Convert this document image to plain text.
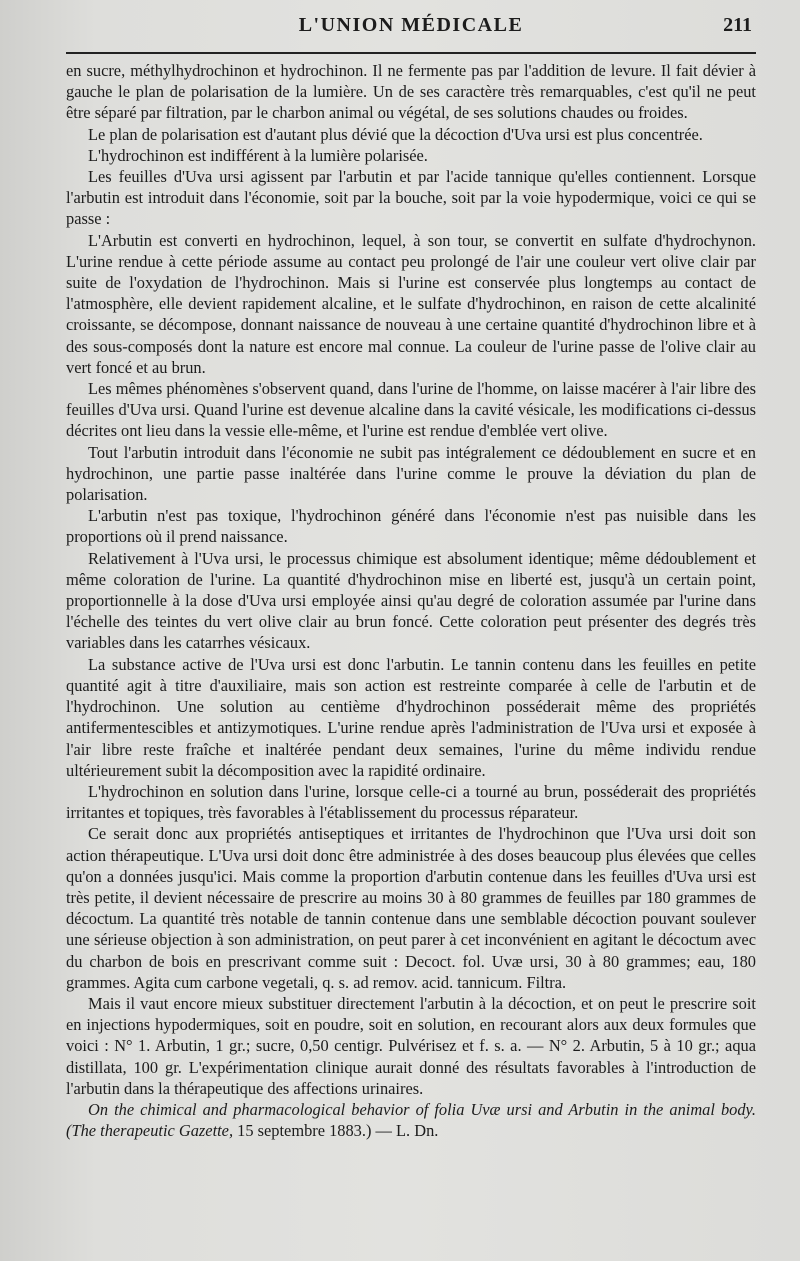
L'UNION MÉDICALE	211

en sucre, méthylhydrochinon et hydrochinon. Il ne fermente pas par l'addition de levure. Il fait dévier à gauche le plan de polarisation de la lumière. Un de ses caractère très remarquables, c'est qu'il ne peut être séparé par filtration, par le charbon animal ou végétal, de ses solutions chaudes ou froides.

Le plan de polarisation est d'autant plus dévié que la décoction d'Uva ursi est plus concentrée.

L'hydrochinon est indifférent à la lumière polarisée.

Les feuilles d'Uva ursi agissent par l'arbutin et par l'acide tannique qu'elles contiennent. Lorsque l'arbutin est introduit dans l'économie, soit par la bouche, soit par la voie hypodermique, voici ce qui se passe :

L'Arbutin est converti en hydrochinon, lequel, à son tour, se convertit en sulfate d'hydrochynon. L'urine rendue à cette période assume au contact peu prolongé de l'air une couleur vert olive clair par suite de l'oxydation de l'hydrochinon. Mais si l'urine est conservée plus longtemps au contact de l'atmosphère, elle devient rapidement alcaline, et le sulfate d'hydrochinon, en raison de cette alcalinité croissante, se décompose, donnant naissance de nouveau à une certaine quantité d'hydrochinon libre et à des sous-composés dont la nature est encore mal connue. La couleur de l'urine passe de l'olive clair au vert foncé et au brun.

Les mêmes phénomènes s'observent quand, dans l'urine de l'homme, on laisse macérer à l'air libre des feuilles d'Uva ursi. Quand l'urine est devenue alcaline dans la cavité vésicale, les modifications ci-dessus décrites ont lieu dans la vessie elle-même, et l'urine est rendue d'emblée vert olive.

Tout l'arbutin introduit dans l'économie ne subit pas intégralement ce dédoublement en sucre et en hydrochinon, une partie passe inaltérée dans l'urine comme le prouve la déviation du plan de polarisation.

L'arbutin n'est pas toxique, l'hydrochinon généré dans l'économie n'est pas nuisible dans les proportions où il prend naissance.

Relativement à l'Uva ursi, le processus chimique est absolument identique; même dédoublement et même coloration de l'urine. La quantité d'hydrochinon mise en liberté est, jusqu'à un certain point, proportionnelle à la dose d'Uva ursi employée ainsi qu'au degré de coloration assumée par l'urine dans l'échelle des teintes du vert olive clair au brun foncé. Cette coloration peut présenter des degrés très variables dans les catarrhes vésicaux.

La substance active de l'Uva ursi est donc l'arbutin. Le tannin contenu dans les feuilles en petite quantité agit à titre d'auxiliaire, mais son action est restreinte comparée à celle de l'arbutin et de l'hydrochinon. Une solution au centième d'hydrochinon posséderait même des propriétés antifermentescibles et antizymotiques. L'urine rendue après l'administration de l'Uva ursi et exposée à l'air libre reste fraîche et inaltérée pendant deux semaines, l'urine du même individu rendue ultérieurement subit la décomposition avec la rapidité ordinaire.

L'hydrochinon en solution dans l'urine, lorsque celle-ci a tourné au brun, posséderait des propriétés irritantes et topiques, très favorables à l'établissement du processus réparateur.

Ce serait donc aux propriétés antiseptiques et irritantes de l'hydrochinon que l'Uva ursi doit son action thérapeutique. L'Uva ursi doit donc être administrée à des doses beaucoup plus élevées que celles qu'on a données jusqu'ici. Mais comme la proportion d'arbutin contenue dans les feuilles d'Uva ursi est très petite, il devient nécessaire de prescrire au moins 30 à 80 grammes de feuilles par 180 grammes de décoctum. La quantité très notable de tannin contenue dans une semblable décoction pouvant soulever une sérieuse objection à son administration, on peut parer à cet inconvénient en agitant le décoctum avec du charbon de bois en prescrivant comme suit : Decoct. fol. Uvæ ursi, 30 à 80 grammes; eau, 180 grammes. Agita cum carbone vegetali, q. s. ad remov. acid. tannicum. Filtra.

Mais il vaut encore mieux substituer directement l'arbutin à la décoction, et on peut le prescrire soit en injections hypodermiques, soit en poudre, soit en solution, en recourant alors aux deux formules que voici : N° 1. Arbutin, 1 gr.; sucre, 0,50 centigr. Pulvérisez et f. s. a. — N° 2. Arbutin, 5 à 10 gr.; aqua distillata, 100 gr. L'expérimentation clinique aurait donné des résultats favorables à l'introduction de l'arbutin dans la thérapeutique des affections urinaires.

On the chimical and pharmacological behavior of folia Uvæ ursi and Arbutin in the animal body. (The therapeutic Gazette, 15 septembre 1883.) — L. Dn.
